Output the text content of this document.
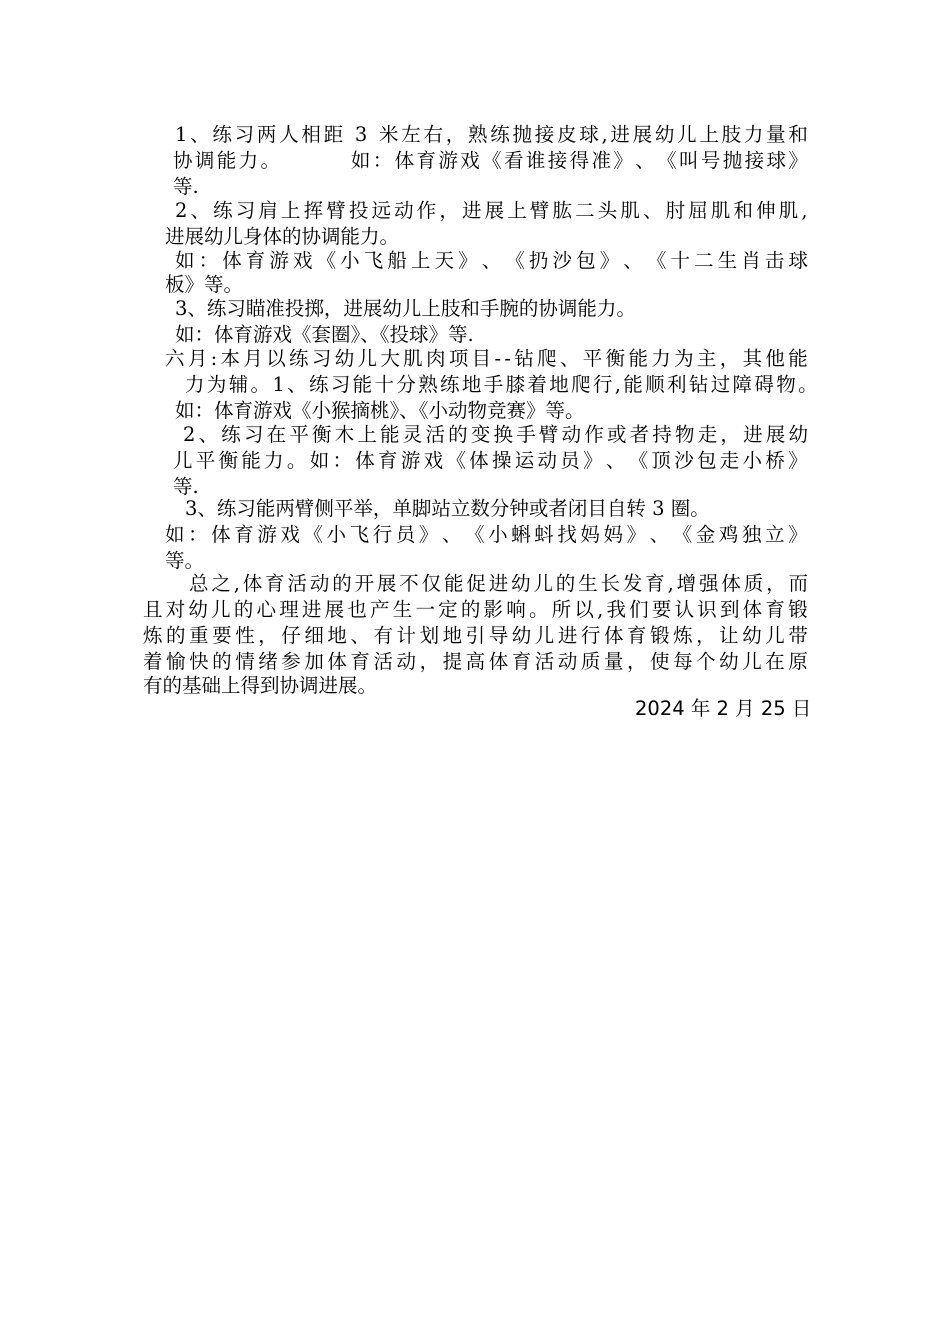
1 、 练 习 两 人 相 距
3
米 左 右 ， 熟 练 抛 接 皮 球 , 进 展 幼 儿 上 肢 力 量 和
协 调 能 力 。

	如 ： 体 育 游 戏 《 看 谁 接 得 准 》 、 《 叫 号 抛 接 球 》
等.
2 、 练 习 肩 上 挥 臂 投 远 动 作 ， 进 展 上 臂 肱 二 头 肌 、 肘 屈 肌 和 伸 肌 ,
进展幼儿身体的协调能力。
如 ： 体 育 游 戏 《 小 飞 船 上 天 》 、 《 扔 沙 包 》 、 《 十 二 生 肖 击 球
板》等。
3、练习瞄准投掷，进展幼儿上肢和手腕的协调能力。
如：体育游戏《套圈》、《投球》等.
六 月 : 本 月 以 练 习 幼 儿 大 肌 肉 项 目 - - 钻 爬 、 平 衡 能 力 为 主 ， 其 他 能
力 为 辅 。 1 、 练 习 能 十 分 熟 练 地 手 膝 着 地 爬 行 , 能 顺 利 钻 过 障 碍 物 。
如：体育游戏《小猴摘桃》、《小动物竞赛》等。
2 、 练 习 在 平 衡 木 上 能 灵 活 的 变 换 手 臂 动 作 或 者 持 物 走 ， 进 展 幼
儿 平 衡 能 力 。 如 ： 体 育 游 戏 《 体 操 运 动 员 》 、 《 顶 沙 包 走 小 桥 》
等.
3、练习能两臂侧平举，单脚站立数分钟或者闭目自转 3 圈。
如 ： 体 育 游 戏 《 小 飞 行 员 》 、 《 小 蝌 蚪 找 妈 妈 》 、 《 金 鸡 独 立 》
等。
总 之 , 体 育 活 动 的 开 展 不 仅 能 促 进 幼 儿 的 生 长 发 育 , 增 强 体 质 ， 而
且 对 幼 儿 的 心 理 进 展 也 产 生 一 定 的 影 响 。 所 以 , 我 们 要 认 识 到 体 育 锻
炼 的 重 要 性 ， 仔 细 地 、 有 计 划 地 引 导 幼 儿 进 行 体 育 锻 炼 ， 让 幼 儿 带
着 愉 快 的 情 绪 参 加 体 育 活 动 ， 提 高 体 育 活 动 质 量 ， 使 每 个 幼 儿 在 原
有的基础上得到协调进展。
2024 年 2 月 25 日
